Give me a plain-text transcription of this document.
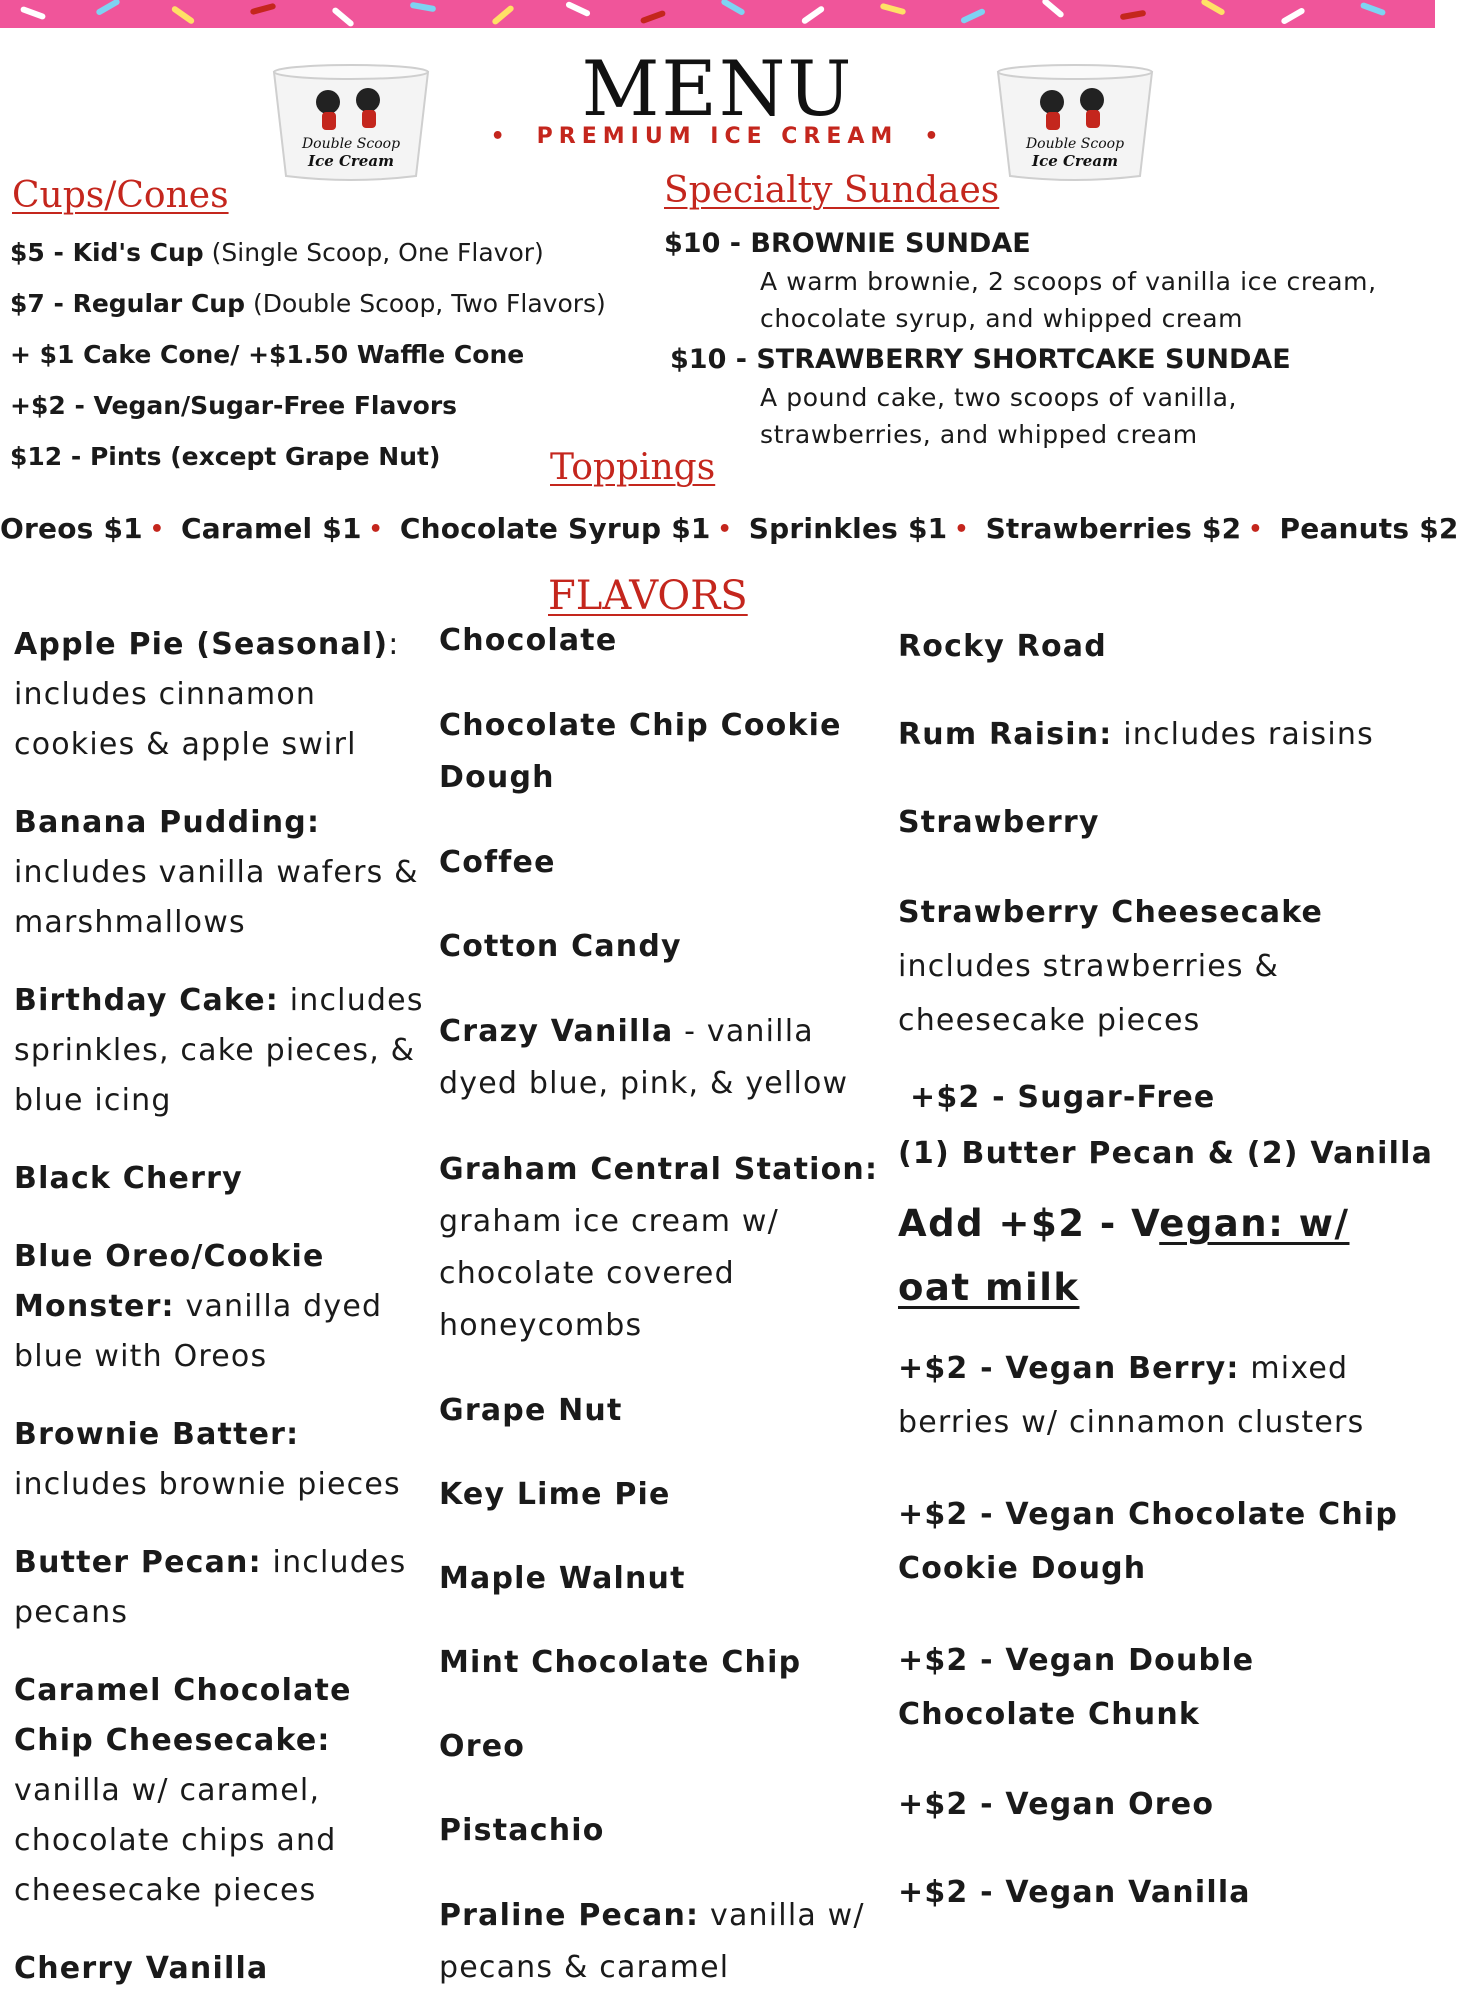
Double Scoop
Ice Cream
Double Scoop
Ice Cream
MENU
• PREMIUM ICE CREAM •
Cups/Cones
$5 - Kid's Cup (Single Scoop, One Flavor)
$7 - Regular Cup (Double Scoop, Two Flavors)
+ $1 Cake Cone/ +$1.50 Waffle Cone
+$2 - Vegan/Sugar-Free Flavors
$12 - Pints (except Grape Nut)
Specialty Sundaes
$10 - BROWNIE SUNDAE
A warm brownie, 2 scoops of vanilla ice cream,
chocolate syrup, and whipped cream
$10 - STRAWBERRY SHORTCAKE SUNDAE
A pound cake, two scoops of vanilla,
strawberries, and whipped cream
Toppings
Oreos $1 • Caramel $1 • Chocolate Syrup $1 • Sprinkles $1 • Strawberries $2 • Peanuts $2
FLAVORS
Apple Pie (Seasonal): includes cinnamon cookies & apple swirl
Banana Pudding: includes vanilla wafers & marshmallows
Birthday Cake: includes sprinkles, cake pieces, & blue icing
Black Cherry
Blue Oreo/Cookie Monster: vanilla dyed blue with Oreos
Brownie Batter: includes brownie pieces
Butter Pecan: includes pecans
Caramel Chocolate Chip Cheesecake: vanilla w/ caramel, chocolate chips and cheesecake pieces
Cherry Vanilla
Chocolate
Chocolate Chip Cookie Dough
Coffee
Cotton Candy
Crazy Vanilla - vanilla dyed blue, pink, & yellow
Graham Central Station: graham ice cream w/ chocolate covered honeycombs
Grape Nut
Key Lime Pie
Maple Walnut
Mint Chocolate Chip
Oreo
Pistachio
Praline Pecan: vanilla w/ pecans & caramel
Rocky Road
Rum Raisin: includes raisins
Strawberry
Strawberry Cheesecake includes strawberries & cheesecake pieces
+$2 - Sugar-Free
(1) Butter Pecan & (2) Vanilla
Add +$2 - Vegan: w/ oat milk
+$2 - Vegan Berry: mixed berries w/ cinnamon clusters
+$2 - Vegan Chocolate Chip Cookie Dough
+$2 - Vegan Double Chocolate Chunk
+$2 - Vegan Oreo
+$2 - Vegan Vanilla
